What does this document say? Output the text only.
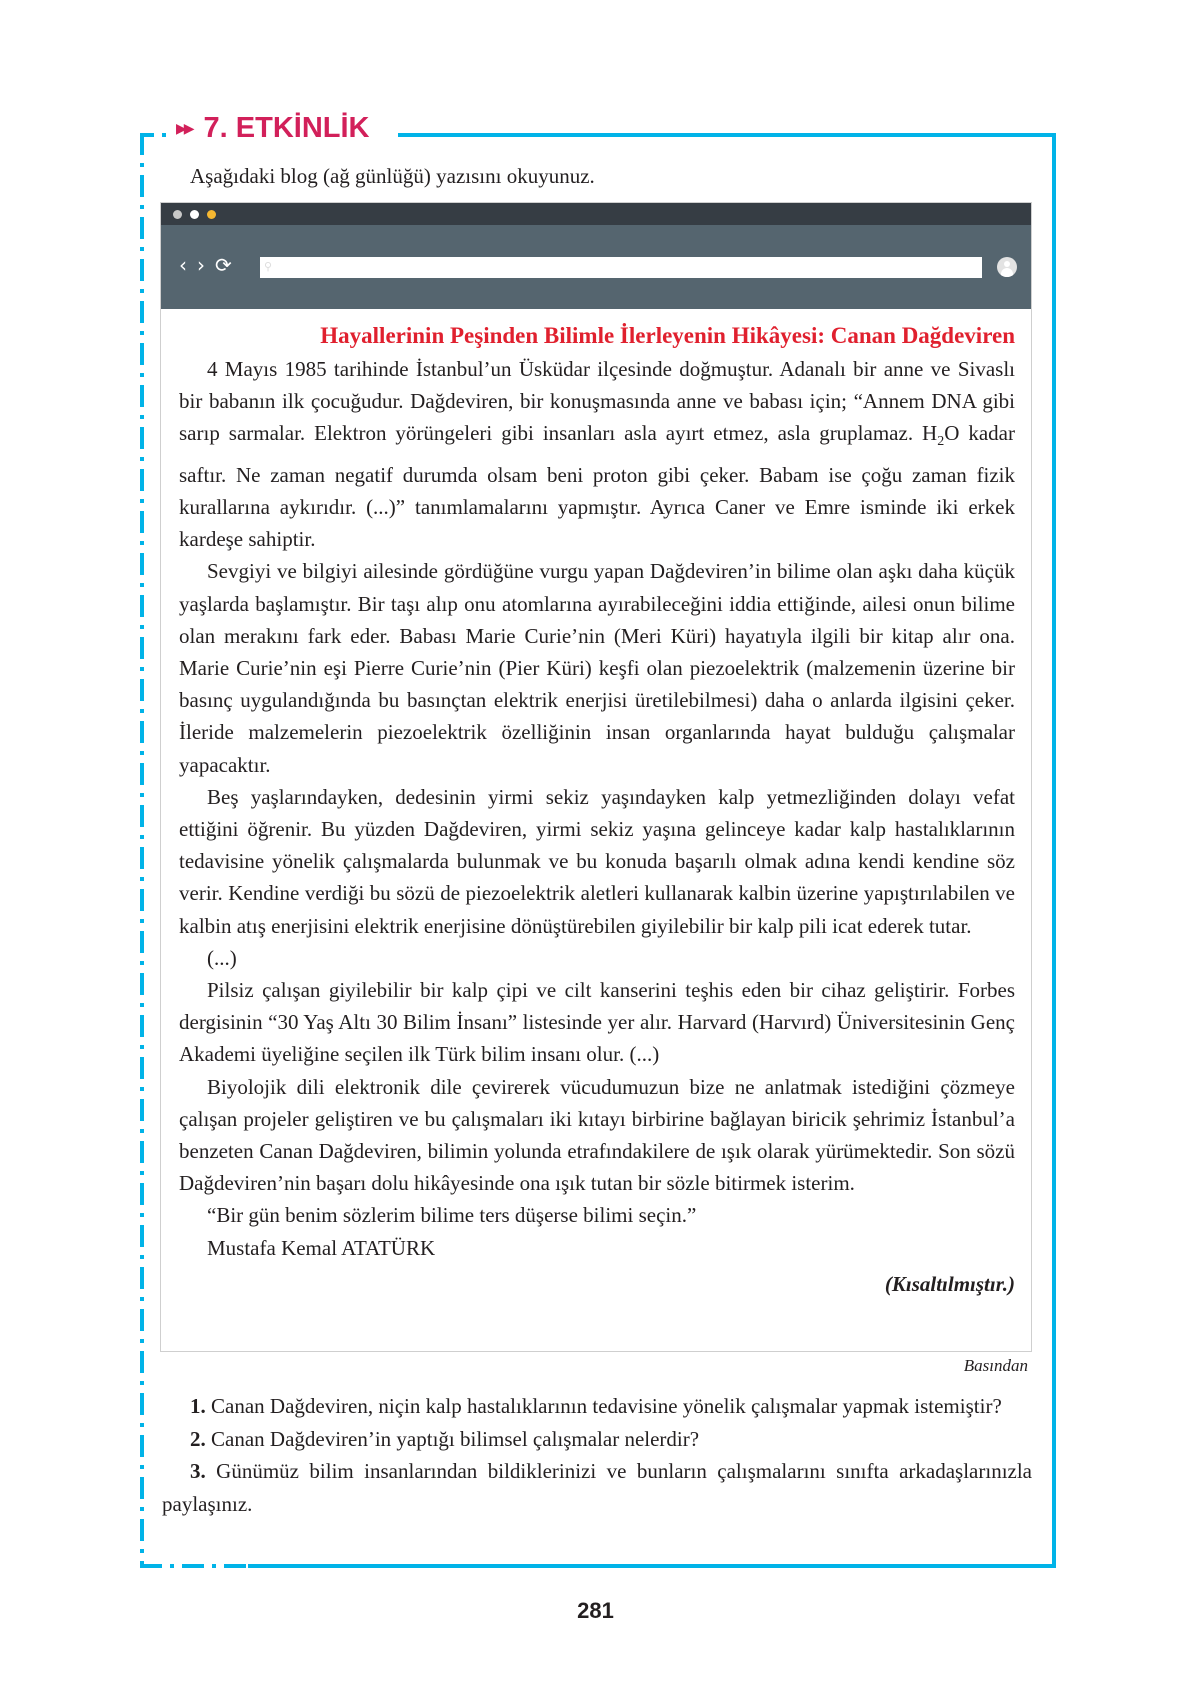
▶▶ 7. ETKİNLİK
Aşağıdaki blog (ağ günlüğü) yazısını okuyunuz.
‹ › ⟳	⚲
Hayallerinin Peşinden Bilimle İlerleyenin Hikâyesi: Canan Dağdeviren

4 Mayıs 1985 tarihinde İstanbul’un Üsküdar ilçesinde doğmuştur. Adanalı bir anne ve Sivaslı bir babanın ilk çocuğudur. Dağdeviren, bir konuşmasında anne ve babası için; “Annem DNA gibi sarıp sarmalar. Elektron yörüngeleri gibi insanları asla ayırt etmez, asla gruplamaz. $H_2O$ kadar saftır. Ne zaman negatif durumda olsam beni proton gibi çeker. Babam ise çoğu zaman fizik kurallarına aykırıdır. (...)” tanımlamalarını yapmıştır. Ayrıca Caner ve Emre isminde iki erkek kardeşe sahiptir.

Sevgiyi ve bilgiyi ailesinde gördüğüne vurgu yapan Dağdeviren’in bilime olan aşkı daha küçük yaşlarda başlamıştır. Bir taşı alıp onu atomlarına ayırabileceğini iddia ettiğinde, ailesi onun bilime olan merakını fark eder. Babası Marie Curie’nin (Meri Küri) hayatıyla ilgili bir kitap alır ona. Marie Curie’nin eşi Pierre Curie’nin (Pier Küri) keşfi olan piezoelektrik (malzemenin üzerine bir basınç uygulandığında bu basınçtan elektrik enerjisi üretilebilmesi) daha o anlarda ilgisini çeker. İleride malzemelerin piezoelektrik özelliğinin insan organlarında hayat bulduğu çalışmalar yapacaktır.

Beş yaşlarındayken, dedesinin yirmi sekiz yaşındayken kalp yetmezliğinden dolayı vefat ettiğini öğrenir. Bu yüzden Dağdeviren, yirmi sekiz yaşına gelinceye kadar kalp hastalıklarının tedavisine yönelik çalışmalarda bulunmak ve bu konuda başarılı olmak adına kendi kendine söz verir. Kendine verdiği bu sözü de piezoelektrik aletleri kullanarak kalbin üzerine yapıştırılabilen ve kalbin atış enerjisini elektrik enerjisine dönüştürebilen giyilebilir bir kalp pili icat ederek tutar.

(...)

Pilsiz çalışan giyilebilir bir kalp çipi ve cilt kanserini teşhis eden bir cihaz geliştirir. Forbes dergisinin “30 Yaş Altı 30 Bilim İnsanı” listesinde yer alır. Harvard (Harvırd) Üniversitesinin Genç Akademi üyeliğine seçilen ilk Türk bilim insanı olur. (...)

Biyolojik dili elektronik dile çevirerek vücudumuzun bize ne anlatmak istediğini çözmeye çalışan projeler geliştiren ve bu çalışmaları iki kıtayı birbirine bağlayan biricik şehrimiz İstanbul’a benzeten Canan Dağdeviren, bilimin yolunda etrafındakilere de ışık olarak yürümektedir. Son sözü Dağdeviren’nin başarı dolu hikâyesinde ona ışık tutan bir sözle bitirmek isterim.

“Bir gün benim sözlerim bilime ters düşerse bilimi seçin.”

Mustafa Kemal ATATÜRK

(Kısaltılmıştır.)

Basından

1. Canan Dağdeviren, niçin kalp hastalıklarının tedavisine yönelik çalışmalar yapmak istemiştir?

2. Canan Dağdeviren’in yaptığı bilimsel çalışmalar nelerdir?

3. Günümüz bilim insanlarından bildiklerinizi ve bunların çalışmalarını sınıfta arkadaşlarınızla paylaşınız.

281
